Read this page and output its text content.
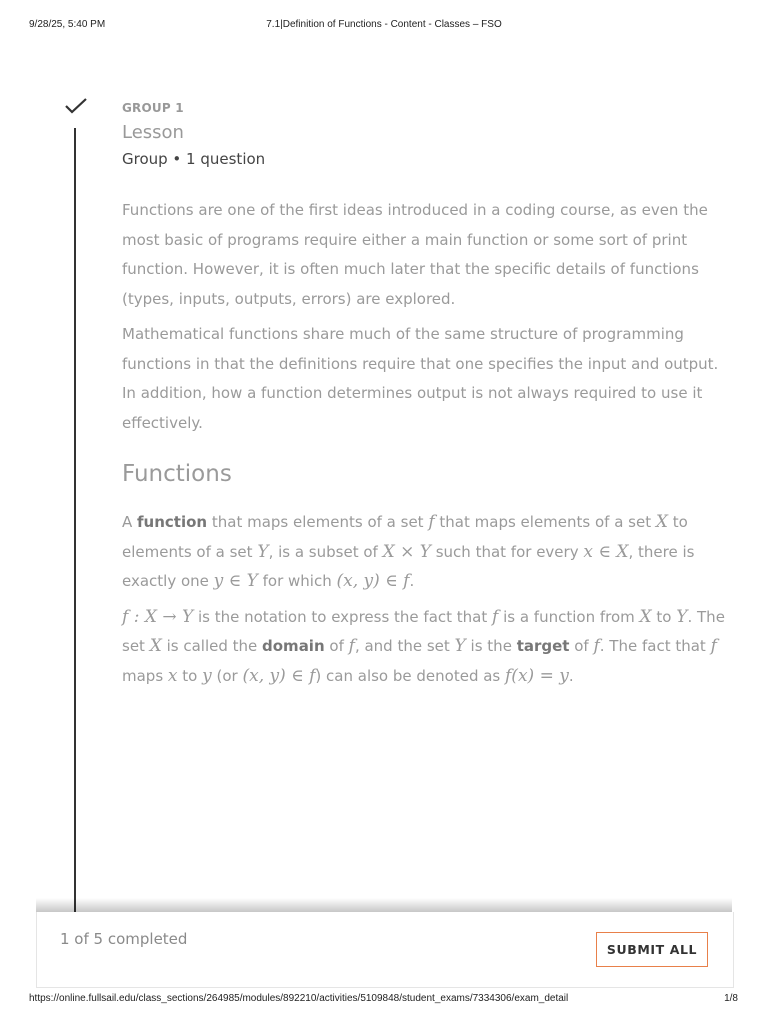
9/28/25, 5:40 PM	7.1|Definition of Functions - Content - Classes – FSO

GROUP 1

Lesson

Group • 1 question

Functions are one of the first ideas introduced in a coding course, as even the most basic of programs require either a main function or some sort of print function. However, it is often much later that the specific details of functions (types, inputs, outputs, errors) are explored.

Mathematical functions share much of the same structure of programming functions in that the definitions require that one specifies the input and output. In addition, how a function determines output is not always required to use it effectively.

Functions

A function that maps elements of a set f that maps elements of a set X to elements of a set Y, is a subset of X × Y such that for every x ∈ X, there is exactly one y ∈ Y for which (x, y) ∈ f.

f : X → Y is the notation to express the fact that f is a function from X to Y. The set X is called the domain of f, and the set Y is the target of f. The fact that f maps x to y (or (x, y) ∈ f) can also be denoted as f(x) = y.

1 of 5 completed
SUBMIT ALL
https://online.fullsail.edu/class_sections/264985/modules/892210/activities/5109848/student_exams/7334306/exam_detail	1/8
